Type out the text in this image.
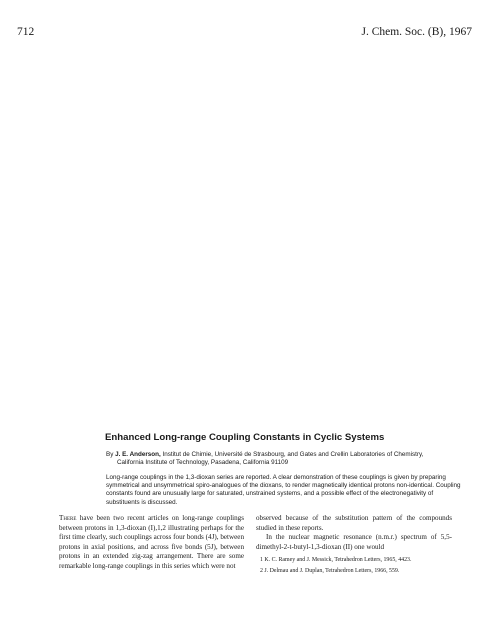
712	J. Chem. Soc. (B), 1967
Enhanced Long-range Coupling Constants in Cyclic Systems
By J. E. Anderson, Institut de Chimie, Université de Strasbourg, and Gates and Crellin Laboratories of Chemistry,
California Institute of Technology, Pasadena, California 91109
Long-range couplings in the 1,3-dioxan series are reported. A clear demonstration of these couplings is given by preparing symmetrical and unsymmetrical spiro-analogues of the dioxans, to render magnetically identical protons non-identical. Coupling constants found are unusually large for saturated, unstrained systems, and a possible effect of the electronegativity of substituents is discussed.

There have been two recent articles on long-range couplings between protons in 1,3-dioxan (I),1,2 illustrating perhaps for the first time clearly, such couplings across four bonds (4J), between protons in axial positions, and across five bonds (5J), between protons in an extended zig-zag arrangement. There are some remarkable long-range couplings in this series which were not

observed because of the substitution pattern of the compounds studied in these reports.

In the nuclear magnetic resonance (n.m.r.) spectrum of 5,5-dimethyl-2-t-butyl-1,3-dioxan (II) one would

1 K. C. Ramey and J. Messick, Tetrahedron Letters, 1965, 4423.

2 J. Delmau and J. Duplan, Tetrahedron Letters, 1966, 559.
